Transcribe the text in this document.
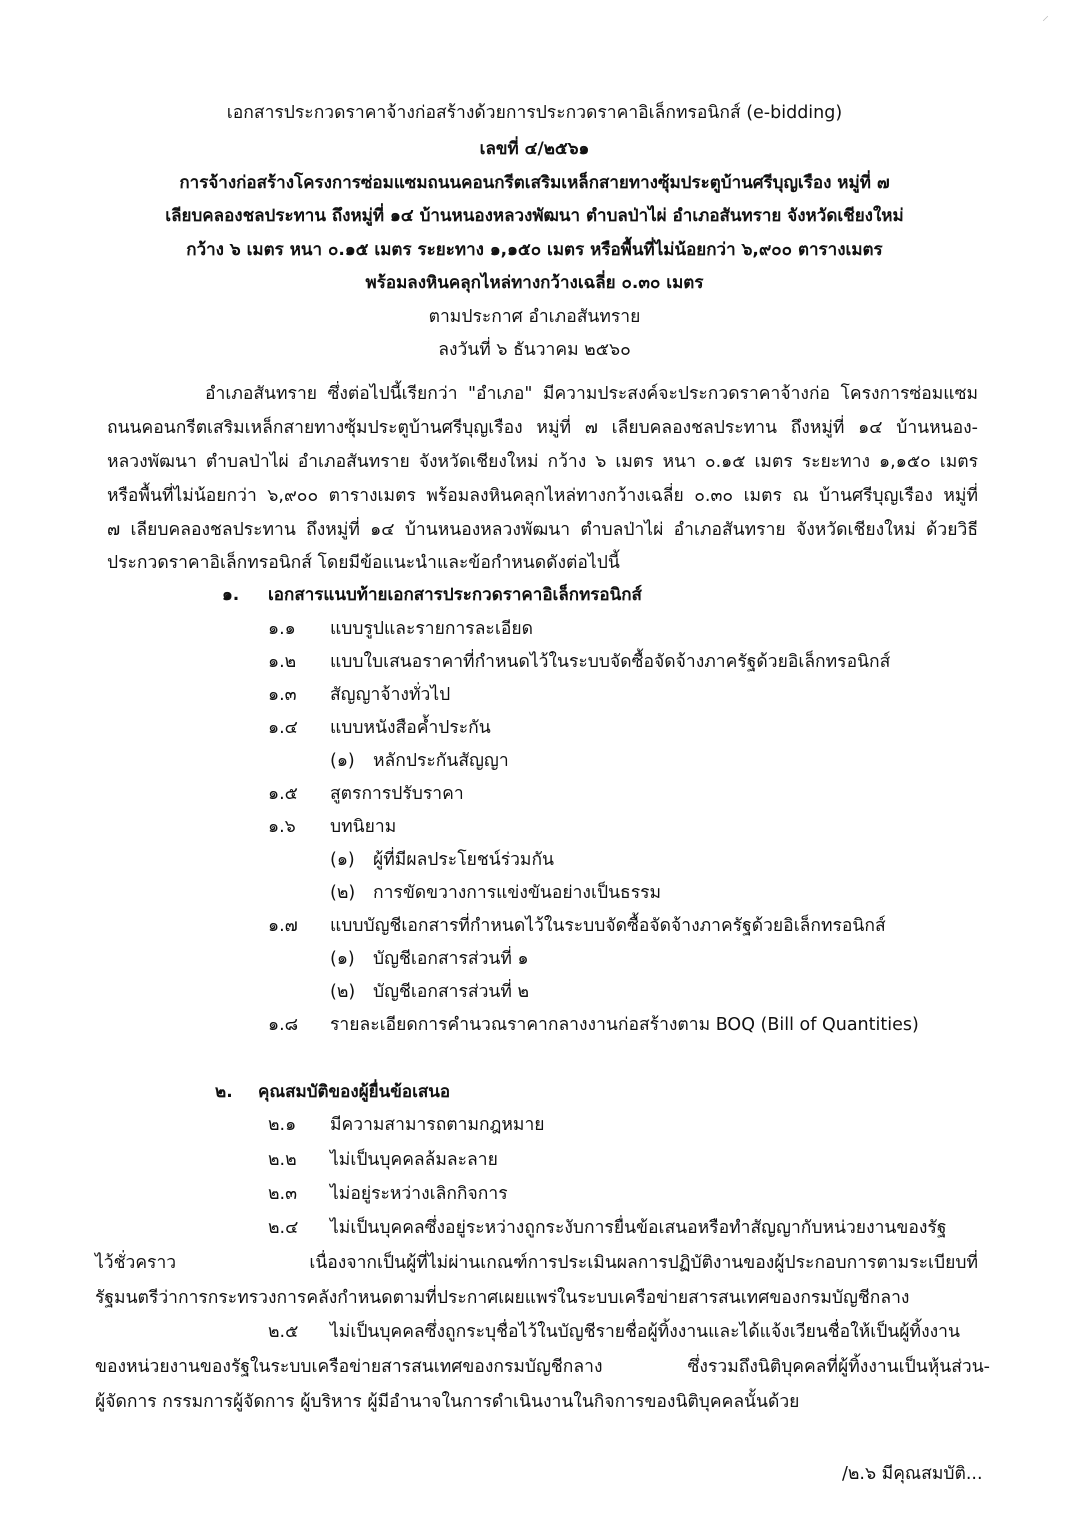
⸝
เอกสารประกวดราคาจ้างก่อสร้างด้วยการประกวดราคาอิเล็กทรอนิกส์ (e-bidding)
เลขที่ ๔/๒๕๖๑
การจ้างก่อสร้างโครงการซ่อมแซมถนนคอนกรีตเสริมเหล็กสายทางซุ้มประตูบ้านศรีบุญเรือง หมู่ที่ ๗
เลียบคลองชลประทาน ถึงหมู่ที่ ๑๔ บ้านหนองหลวงพัฒนา ตำบลป่าไผ่ อำเภอสันทราย จังหวัดเชียงใหม่
กว้าง ๖ เมตร หนา ๐.๑๕ เมตร ระยะทาง ๑,๑๕๐ เมตร หรือพื้นที่ไม่น้อยกว่า ๖,๙๐๐ ตารางเมตร
พร้อมลงหินคลุกไหล่ทางกว้างเฉลี่ย ๐.๓๐ เมตร
ตามประกาศ อำเภอสันทราย
ลงวันที่ ๖ ธันวาคม ๒๕๖๐
อำเภอสันทราย ซึ่งต่อไปนี้เรียกว่า "อำเภอ" มีความประสงค์จะประกวดราคาจ้างก่อ โครงการซ่อมแซม
ถนนคอนกรีตเสริมเหล็กสายทางซุ้มประตูบ้านศรีบุญเรือง หมู่ที่ ๗ เลียบคลองชลประทาน ถึงหมู่ที่ ๑๔ บ้านหนอง-
หลวงพัฒนา ตำบลป่าไผ่ อำเภอสันทราย จังหวัดเชียงใหม่ กว้าง ๖ เมตร หนา ๐.๑๕ เมตร ระยะทาง ๑,๑๕๐ เมตร
หรือพื้นที่ไม่น้อยกว่า ๖,๙๐๐ ตารางเมตร พร้อมลงหินคลุกไหล่ทางกว้างเฉลี่ย ๐.๓๐ เมตร ณ บ้านศรีบุญเรือง หมู่ที่
๗ เลียบคลองชลประทาน ถึงหมู่ที่ ๑๔ บ้านหนองหลวงพัฒนา ตำบลป่าไผ่ อำเภอสันทราย จังหวัดเชียงใหม่ ด้วยวิธี
ประกวดราคาอิเล็กทรอนิกส์ โดยมีข้อแนะนำและข้อกำหนดดังต่อไปนี้
๑. เอกสารแนบท้ายเอกสารประกวดราคาอิเล็กทรอนิกส์
๑.๑ แบบรูปและรายการละเอียด
๑.๒ แบบใบเสนอราคาที่กำหนดไว้ในระบบจัดซื้อจัดจ้างภาครัฐด้วยอิเล็กทรอนิกส์
๑.๓ สัญญาจ้างทั่วไป
๑.๔ แบบหนังสือค้ำประกัน
(๑) หลักประกันสัญญา
๑.๕ สูตรการปรับราคา
๑.๖ บทนิยาม
(๑) ผู้ที่มีผลประโยชน์ร่วมกัน
(๒) การขัดขวางการแข่งขันอย่างเป็นธรรม
๑.๗ แบบบัญชีเอกสารที่กำหนดไว้ในระบบจัดซื้อจัดจ้างภาครัฐด้วยอิเล็กทรอนิกส์
(๑) บัญชีเอกสารส่วนที่ ๑
(๒) บัญชีเอกสารส่วนที่ ๒
๑.๘ รายละเอียดการคำนวณราคากลางงานก่อสร้างตาม BOQ (Bill of Quantities)
๒. คุณสมบัติของผู้ยื่นข้อเสนอ
๒.๑ มีความสามารถตามกฎหมาย
๒.๒ ไม่เป็นบุคคลล้มละลาย
๒.๓ ไม่อยู่ระหว่างเลิกกิจการ
๒.๔ ไม่เป็นบุคคลซึ่งอยู่ระหว่างถูกระงับการยื่นข้อเสนอหรือทำสัญญากับหน่วยงานของรัฐ
ไว้ชั่วคราว เนื่องจากเป็นผู้ที่ไม่ผ่านเกณฑ์การประเมินผลการปฏิบัติงานของผู้ประกอบการตามระเบียบที่
รัฐมนตรีว่าการกระทรวงการคลังกำหนดตามที่ประกาศเผยแพร่ในระบบเครือข่ายสารสนเทศของกรมบัญชีกลาง
๒.๕ ไม่เป็นบุคคลซึ่งถูกระบุชื่อไว้ในบัญชีรายชื่อผู้ทิ้งงานและได้แจ้งเวียนชื่อให้เป็นผู้ทิ้งงาน
ของหน่วยงานของรัฐในระบบเครือข่ายสารสนเทศของกรมบัญชีกลาง ซึ่งรวมถึงนิติบุคคลที่ผู้ทิ้งงานเป็นหุ้นส่วน-
ผู้จัดการ กรรมการผู้จัดการ ผู้บริหาร ผู้มีอำนาจในการดำเนินงานในกิจการของนิติบุคคลนั้นด้วย
/๒.๖ มีคุณสมบัติ...
